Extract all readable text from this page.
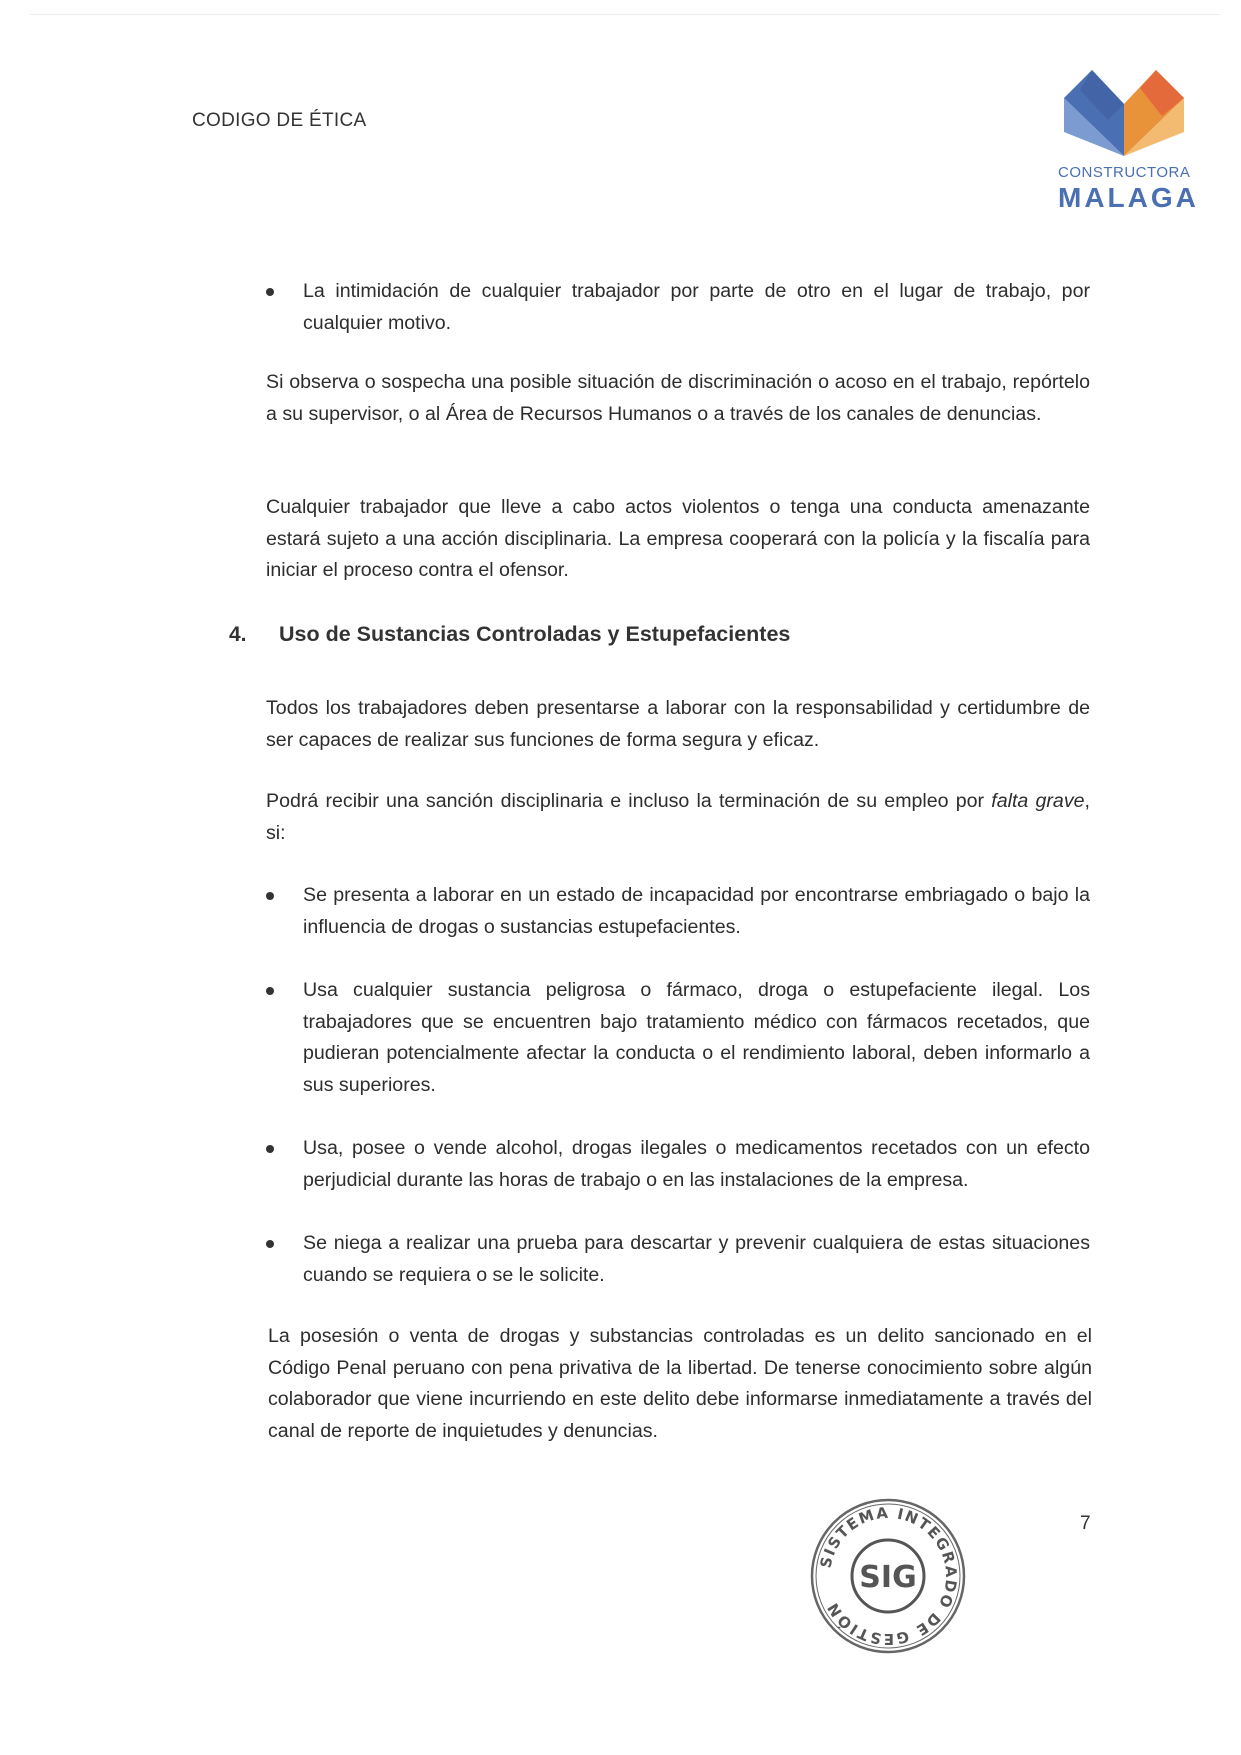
CODIGO DE ÉTICA
CONSTRUCTORA
MALAGA
La intimidación de cualquier trabajador por parte de otro en el lugar de trabajo, por cualquier motivo.
Si observa o sospecha una posible situación de discriminación o acoso en el trabajo, repórtelo a su supervisor, o al Área de Recursos Humanos o a través de los canales de denuncias.
Cualquier trabajador que lleve a cabo actos violentos o tenga una conducta amenazante estará sujeto a una acción disciplinaria. La empresa cooperará con la policía y la fiscalía para iniciar el proceso contra el ofensor.
4. Uso de Sustancias Controladas y Estupefacientes
Todos los trabajadores deben presentarse a laborar con la responsabilidad y certidumbre de ser capaces de realizar sus funciones de forma segura y eficaz.
Podrá recibir una sanción disciplinaria e incluso la terminación de su empleo por falta grave, si:
Se presenta a laborar en un estado de incapacidad por encontrarse embriagado o bajo la influencia de drogas o sustancias estupefacientes.
Usa cualquier sustancia peligrosa o fármaco, droga o estupefaciente ilegal. Los trabajadores que se encuentren bajo tratamiento médico con fármacos recetados, que pudieran potencialmente afectar la conducta o el rendimiento laboral, deben informarlo a sus superiores.
Usa, posee o vende alcohol, drogas ilegales o medicamentos recetados con un efecto perjudicial durante las horas de trabajo o en las instalaciones de la empresa.
Se niega a realizar una prueba para descartar y prevenir cualquiera de estas situaciones cuando se requiera o se le solicite.
La posesión o venta de drogas y substancias controladas es un delito sancionado en el Código Penal peruano con pena privativa de la libertad. De tenerse conocimiento sobre algún colaborador que viene incurriendo en este delito debe informarse inmediatamente a través del canal de reporte de inquietudes y denuncias.
SISTEMA INTEGRADO DE GESTIÓN
SIG
7
